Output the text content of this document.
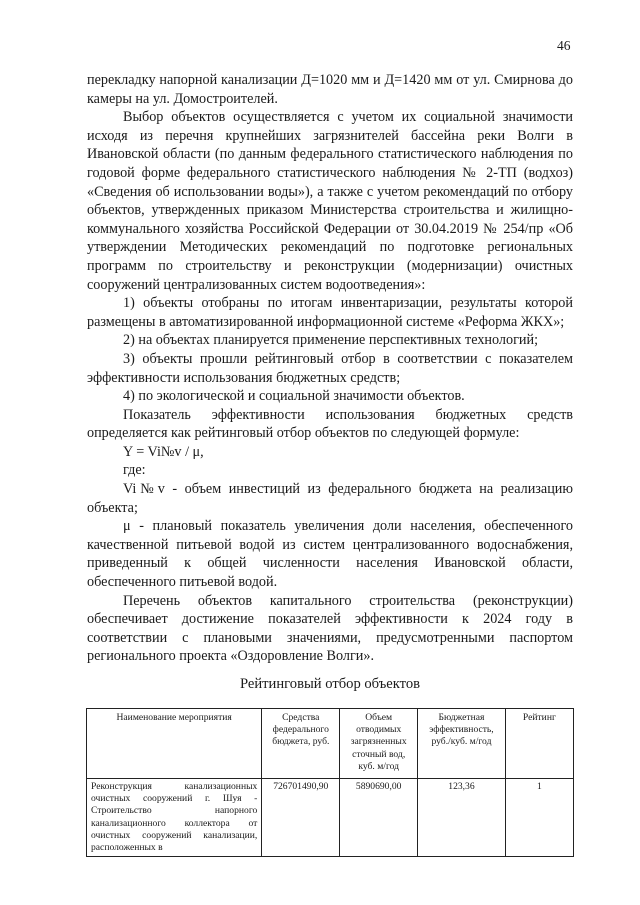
46

перекладку напорной канализации Д=1020 мм и Д=1420 мм от ул. Смирнова до камеры на ул. Домостроителей.

Выбор объектов осуществляется с учетом их социальной значимости исходя из перечня крупнейших загрязнителей бассейна реки Волги в Ивановской области (по данным федерального статистического наблюдения по годовой форме федерального статистического наблюдения № 2-ТП (водхоз) «Сведения об использовании воды»), а также с учетом рекомендаций по отбору объектов, утвержденных приказом Министерства строительства и жилищно-коммунального хозяйства Российской Федерации от 30.04.2019 № 254/пр «Об утверждении Методических рекомендаций по подготовке региональных программ по строительству и реконструкции (модернизации) очистных сооружений централизованных систем водоотведения»:

1) объекты отобраны по итогам инвентаризации, результаты которой размещены в автоматизированной информационной системе «Реформа ЖКХ»;

2) на объектах планируется применение перспективных технологий;

3) объекты прошли рейтинговый отбор в соответствии с показателем эффективности использования бюджетных средств;

4) по экологической и социальной значимости объектов.

Показатель эффективности использования бюджетных средств определяется как рейтинговый отбор объектов по следующей формуле:

Y = Vi№v / μ,

где:

Vi№v - объем инвестиций из федерального бюджета на реализацию объекта;

μ - плановый показатель увеличения доли населения, обеспеченного качественной питьевой водой из систем централизованного водоснабжения, приведенный к общей численности населения Ивановской области, обеспеченного питьевой водой.

Перечень объектов капитального строительства (реконструкции) обеспечивает достижение показателей эффективности к 2024 году в соответствии с плановыми значениями, предусмотренными паспортом регионального проекта «Оздоровление Волги».

Рейтинговый отбор объектов
Наименование мероприятия	Средства федерального бюджета, руб.	Объем отводимых загрязненных сточный вод, куб. м/год	Бюджетная эффективность, руб./куб. м/год	Рейтинг
Реконструкция канализационных очистных сооружений г. Шуя - Строительство напорного канализационного коллектора от очистных сооружений канализации, расположенных в	726701490,90	5890690,00	123,36	1
